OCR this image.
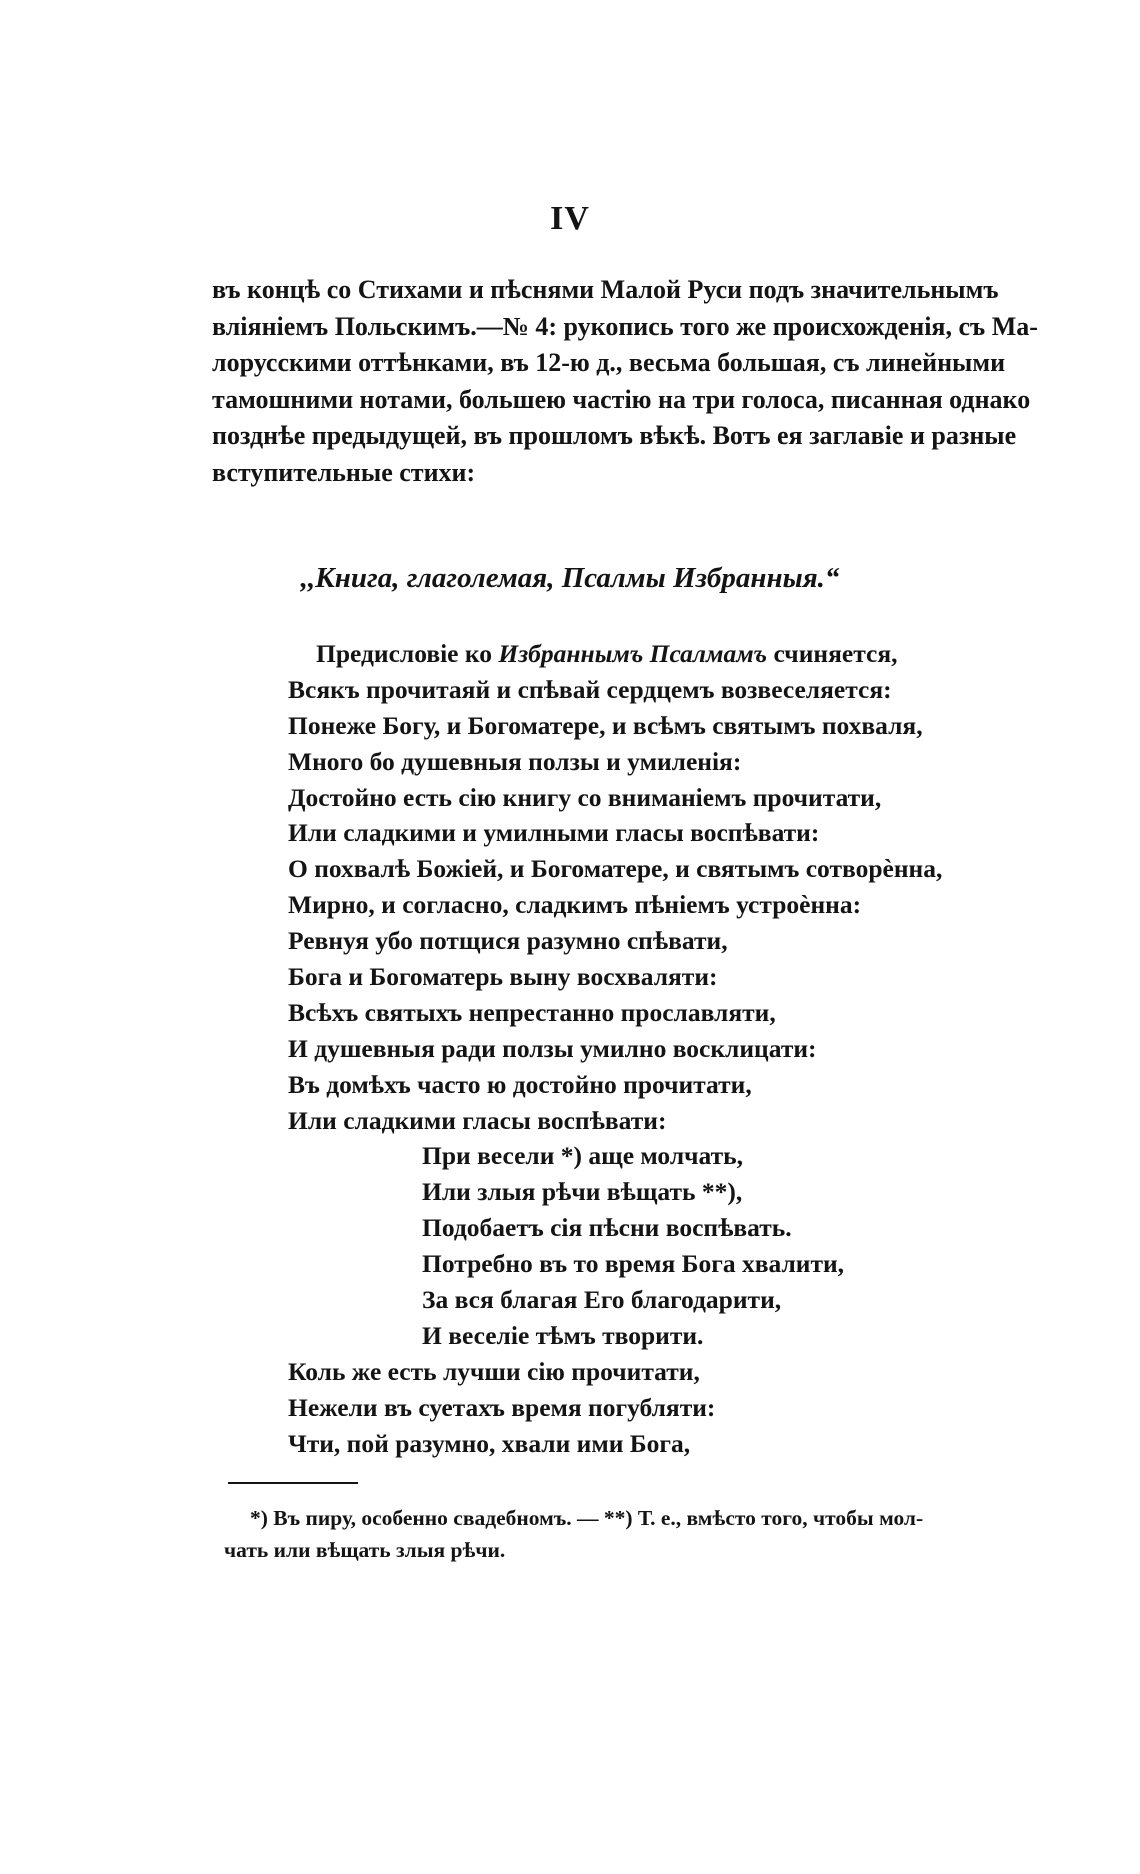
IV
въ концѣ со Стихами и пѣснями Малой Руси подъ значительнымъ
вліяніемъ Польскимъ.—№ 4: рукопись того же происхожденія, съ Ма-
лорусскими оттѣнками, въ 12-ю д., весьма большая, съ линейными
тамошними нотами, большею частію на три голоса, писанная однако
позднѣе предыдущей, въ прошломъ вѣкѣ. Вотъ ея заглавіе и разные
вступительные стихи:
,,Книга, глаголемая, Псалмы Избранныя.“
Предисловіе ко Избраннымъ Псалмамъ счиняется,
Всякъ прочитаяй и спѣвай сердцемъ возвеселяется:
Понеже Богу, и Богоматере, и всѣмъ святымъ похваля,
Много бо душевныя ползы и умиленія:
Достойно есть сію книгу со вниманіемъ прочитати,
Или сладкими и умилными гласы воспѣвати:
О похвалѣ Божіей, и Богоматере, и святымъ сотворѐнна,
Мирно, и согласно, сладкимъ пѣніемъ устроѐнна:
Ревнуя убо потщися разумно спѣвати,
Бога и Богоматерь выну восхваляти:
Всѣхъ святыхъ непрестанно прославляти,
И душевныя ради ползы умилно восклицати:
Въ домѣхъ часто ю достойно прочитати,
Или сладкими гласы воспѣвати:
При весели *) аще молчать,
Или злыя рѣчи вѣщать **),
Подобаетъ сія пѣсни воспѣвать.
Потребно въ то время Бога хвалити,
За вся благая Его благодарити,
И веселіе тѣмъ творити.
Коль же есть лучши сію прочитати,
Нежели въ суетахъ время погубляти:
Чти, пой разумно, хвали ими Бога,
*) Въ пиру, особенно свадебномъ. — **) Т. е., вмѣсто того, чтобы мол-
чать или вѣщать злыя рѣчи.
